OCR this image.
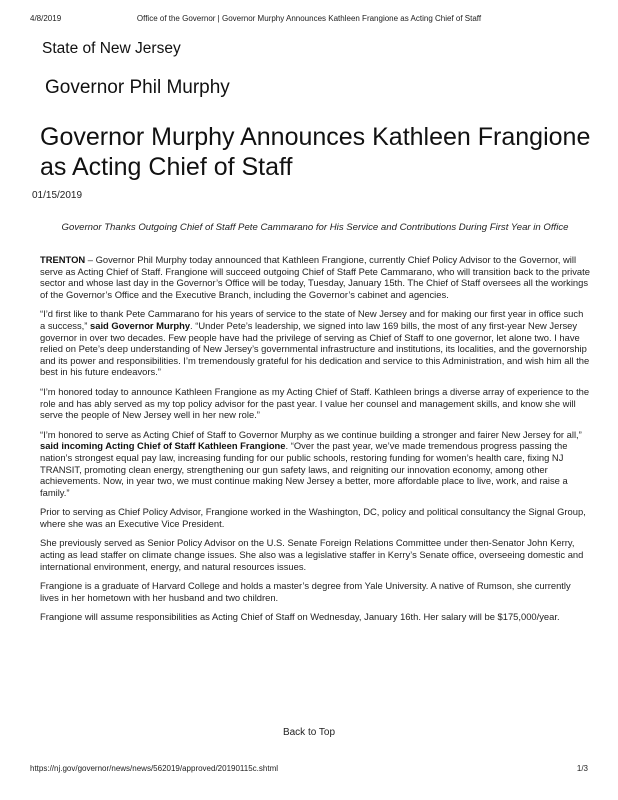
4/8/2019	Office of the Governor | Governor Murphy Announces Kathleen Frangione as Acting Chief of Staff
State of New Jersey
Governor Phil Murphy
Governor Murphy Announces Kathleen Frangione as Acting Chief of Staff
01/15/2019
Governor Thanks Outgoing Chief of Staff Pete Cammarano for His Service and Contributions During First Year in Office

TRENTON – Governor Phil Murphy today announced that Kathleen Frangione, currently Chief Policy Advisor to the Governor, will serve as Acting Chief of Staff. Frangione will succeed outgoing Chief of Staff Pete Cammarano, who will transition back to the private sector and whose last day in the Governor’s Office will be today, Tuesday, January 15th. The Chief of Staff oversees all the workings of the Governor’s Office and the Executive Branch, including the Governor’s cabinet and agencies.

“I’d first like to thank Pete Cammarano for his years of service to the state of New Jersey and for making our first year in office such a success,” said Governor Murphy. “Under Pete’s leadership, we signed into law 169 bills, the most of any first-year New Jersey governor in over two decades. Few people have had the privilege of serving as Chief of Staff to one governor, let alone two. I have relied on Pete’s deep understanding of New Jersey’s governmental infrastructure and institutions, its localities, and the governorship and its power and responsibilities. I’m tremendously grateful for his dedication and service to this Administration, and wish him all the best in his future endeavors.”

“I’m honored today to announce Kathleen Frangione as my Acting Chief of Staff. Kathleen brings a diverse array of experience to the role and has ably served as my top policy advisor for the past year. I value her counsel and management skills, and know she will serve the people of New Jersey well in her new role.”

“I’m honored to serve as Acting Chief of Staff to Governor Murphy as we continue building a stronger and fairer New Jersey for all,” said incoming Acting Chief of Staff Kathleen Frangione. “Over the past year, we’ve made tremendous progress passing the nation’s strongest equal pay law, increasing funding for our public schools, restoring funding for women’s health care, fixing NJ TRANSIT, promoting clean energy, strengthening our gun safety laws, and reigniting our innovation economy, among other achievements. Now, in year two, we must continue making New Jersey a better, more affordable place to live, work, and raise a family.”

Prior to serving as Chief Policy Advisor, Frangione worked in the Washington, DC, policy and political consultancy the Signal Group, where she was an Executive Vice President.

She previously served as Senior Policy Advisor on the U.S. Senate Foreign Relations Committee under then-Senator John Kerry, acting as lead staffer on climate change issues. She also was a legislative staffer in Kerry’s Senate office, overseeing domestic and international environment, energy, and natural resources issues.

Frangione is a graduate of Harvard College and holds a master’s degree from Yale University. A native of Rumson, she currently lives in her hometown with her husband and two children.

Frangione will assume responsibilities as Acting Chief of Staff on Wednesday, January 16th. Her salary will be $175,000/year.

Back to Top
https://nj.gov/governor/news/news/562019/approved/20190115c.shtml	1/3
